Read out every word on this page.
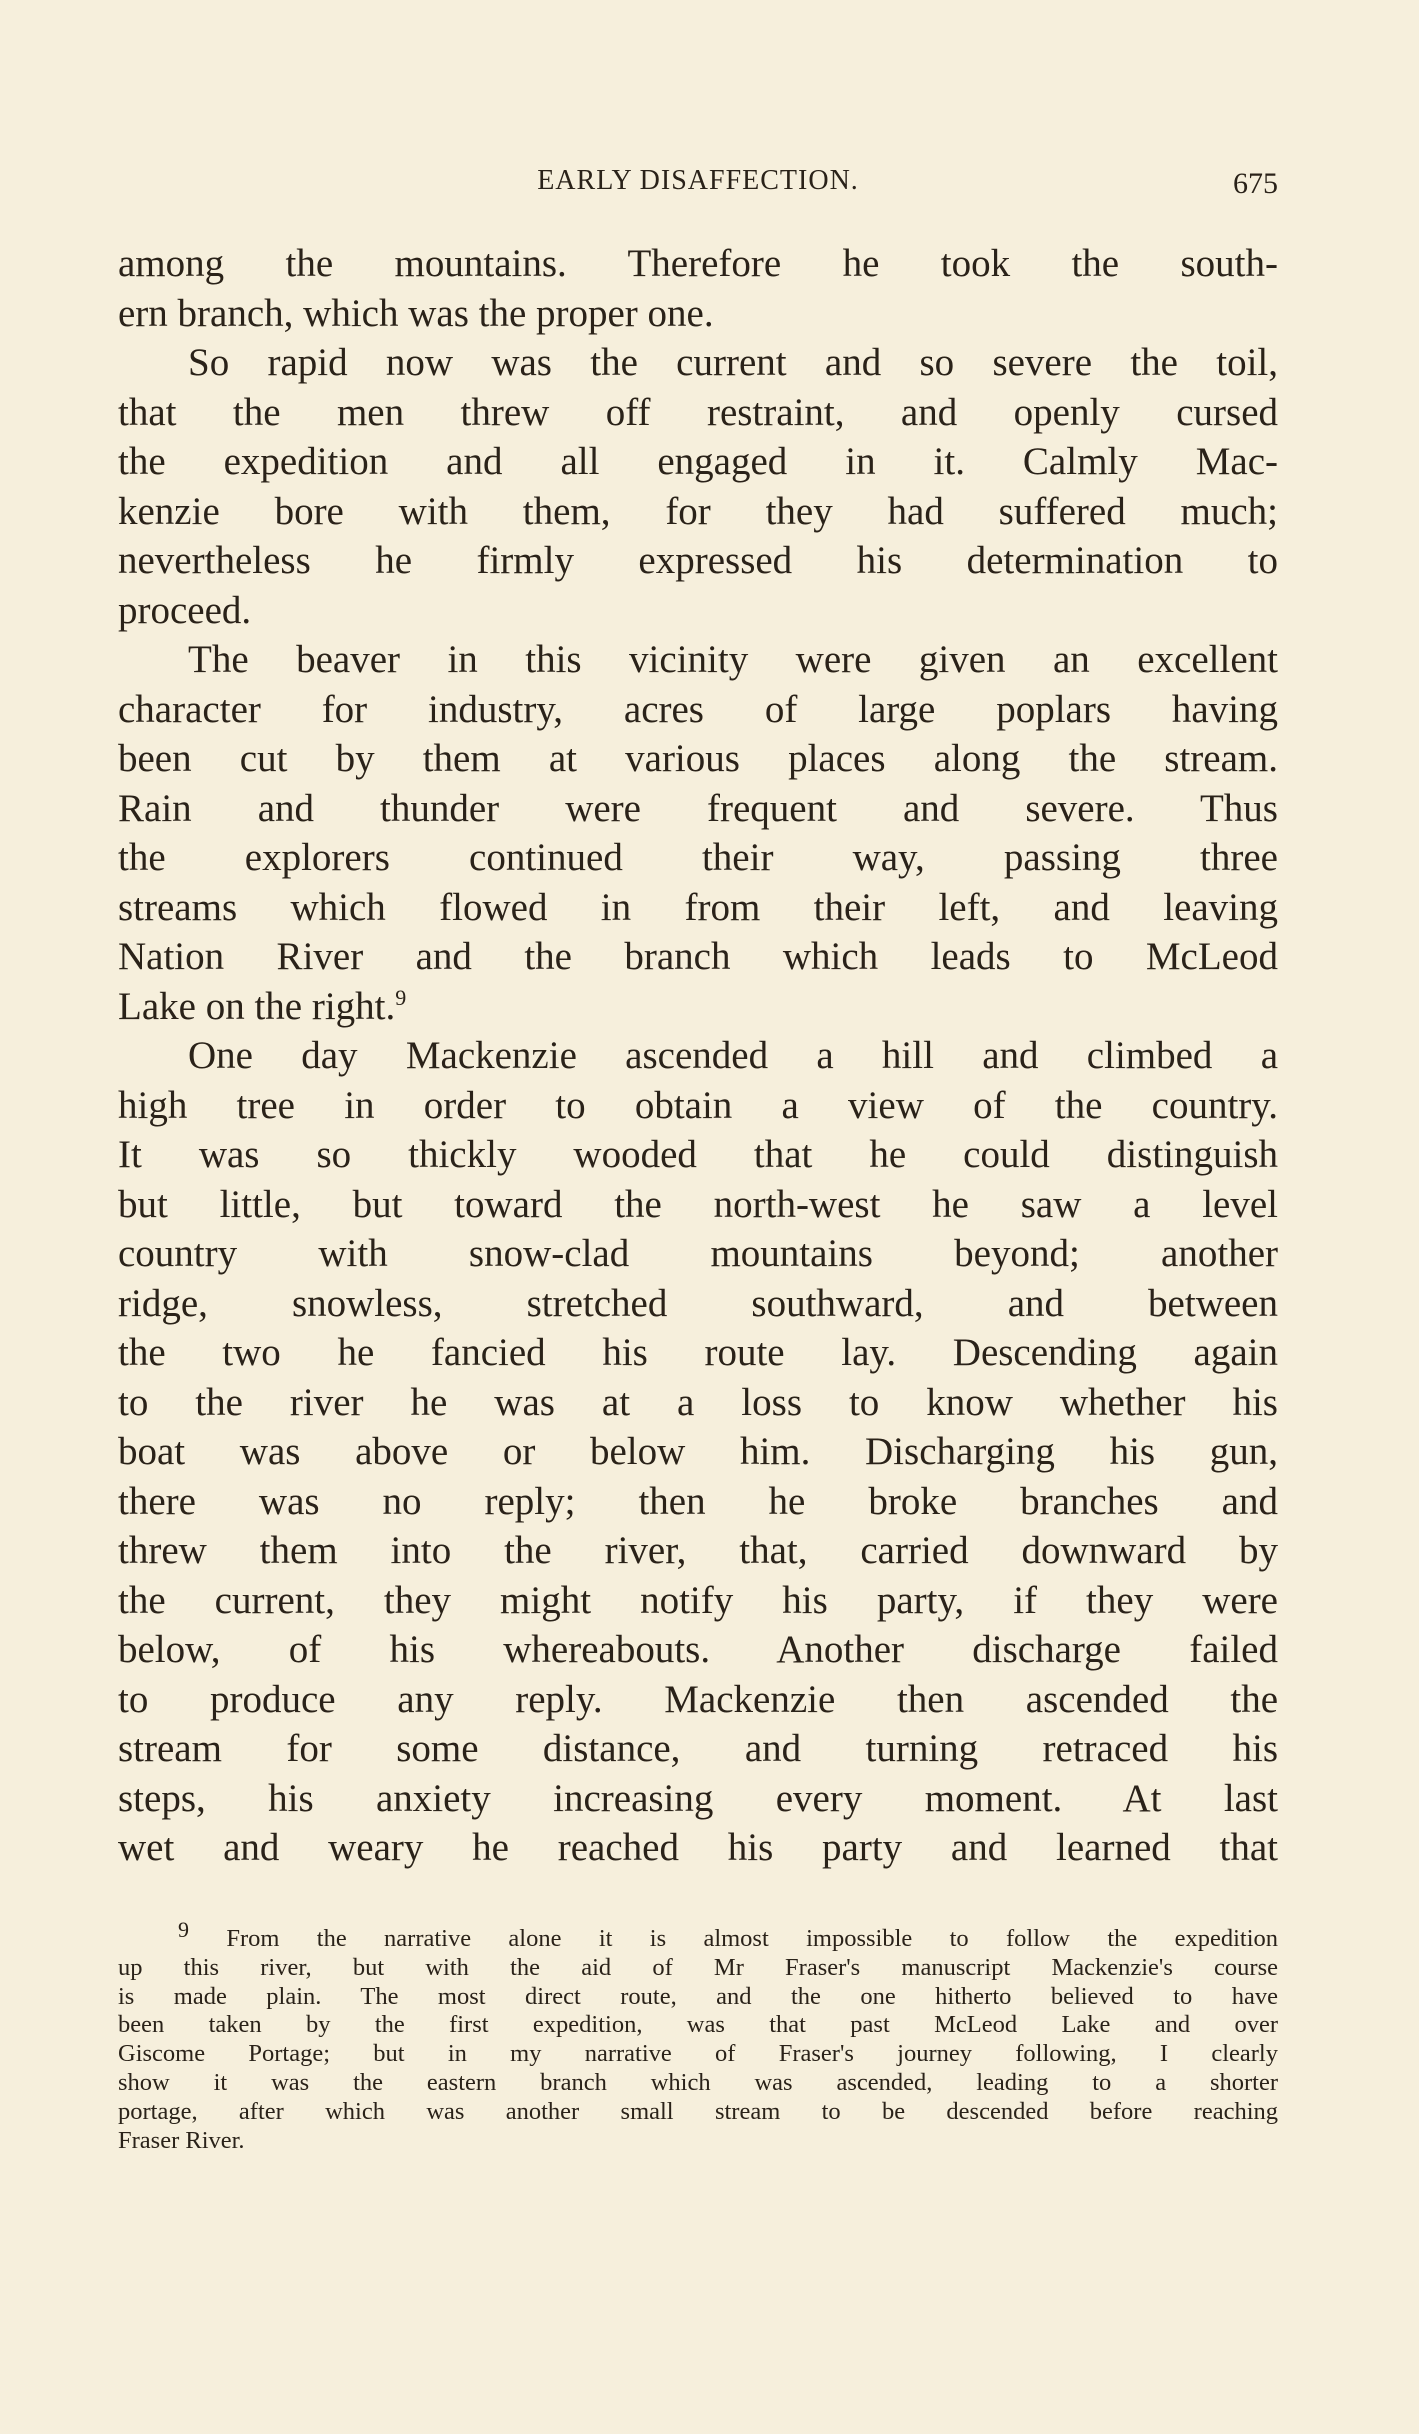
EARLY DISAFFECTION.	675
among the mountains. Therefore he took the south-
ern branch, which was the proper one.
So rapid now was the current and so severe the toil,
that the men threw off restraint, and openly cursed
the expedition and all engaged in it. Calmly Mac-
kenzie bore with them, for they had suffered much;
nevertheless he firmly expressed his determination to
proceed.
The beaver in this vicinity were given an excellent
character for industry, acres of large poplars having
been cut by them at various places along the stream.
Rain and thunder were frequent and severe. Thus
the explorers continued their way, passing three
streams which flowed in from their left, and leaving
Nation River and the branch which leads to McLeod
Lake on the right.$^9$
One day Mackenzie ascended a hill and climbed a
high tree in order to obtain a view of the country.
It was so thickly wooded that he could distinguish
but little, but toward the north-west he saw a level
country with snow-clad mountains beyond; another
ridge, snowless, stretched southward, and between
the two he fancied his route lay. Descending again
to the river he was at a loss to know whether his
boat was above or below him. Discharging his gun,
there was no reply; then he broke branches and
threw them into the river, that, carried downward by
the current, they might notify his party, if they were
below, of his whereabouts. Another discharge failed
to produce any reply. Mackenzie then ascended the
stream for some distance, and turning retraced his
steps, his anxiety increasing every moment. At last
wet and weary he reached his party and learned that
$^9$ From the narrative alone it is almost impossible to follow the expedition
up this river, but with the aid of Mr Fraser's manuscript Mackenzie's course
is made plain. The most direct route, and the one hitherto believed to have
been taken by the first expedition, was that past McLeod Lake and over
Giscome Portage; but in my narrative of Fraser's journey following, I clearly
show it was the eastern branch which was ascended, leading to a shorter
portage, after which was another small stream to be descended before reaching
Fraser River.
